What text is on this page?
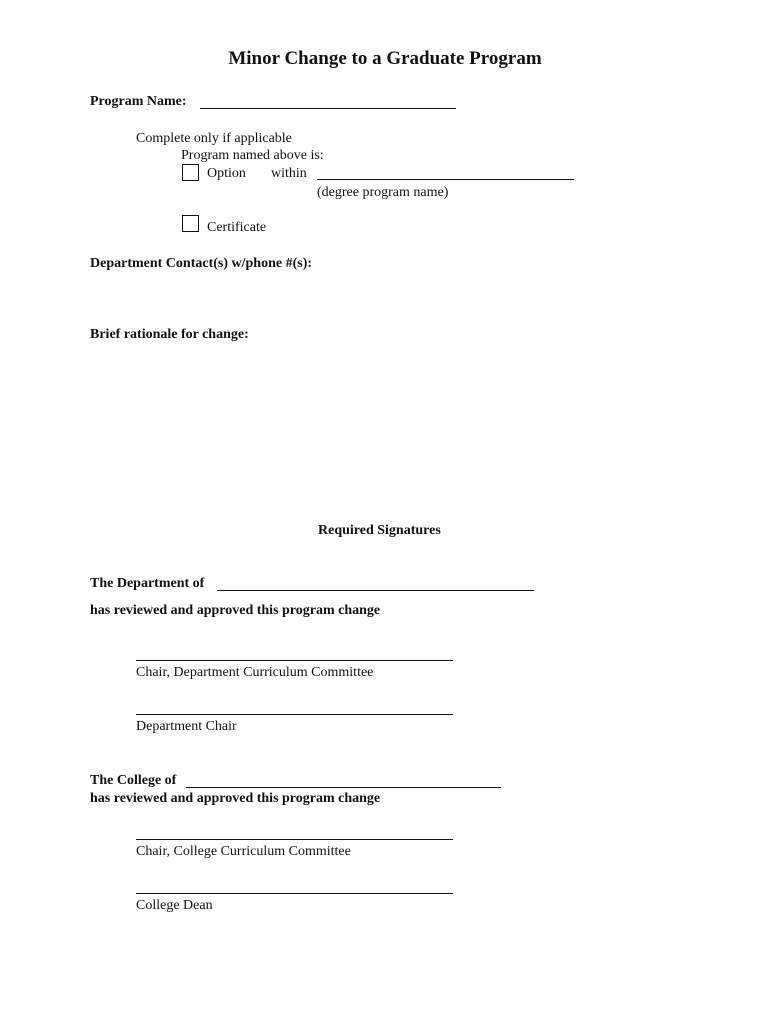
Minor Change to a Graduate Program
Program Name:
Complete only if applicable
Program named above is:
Option within
(degree program name)
Certificate
Department Contact(s) w/phone #(s):
Brief rationale for change:
Required Signatures
The Department of
has reviewed and approved this program change
Chair, Department Curriculum Committee
Department Chair
The College of
has reviewed and approved this program change
Chair, College Curriculum Committee
College Dean
